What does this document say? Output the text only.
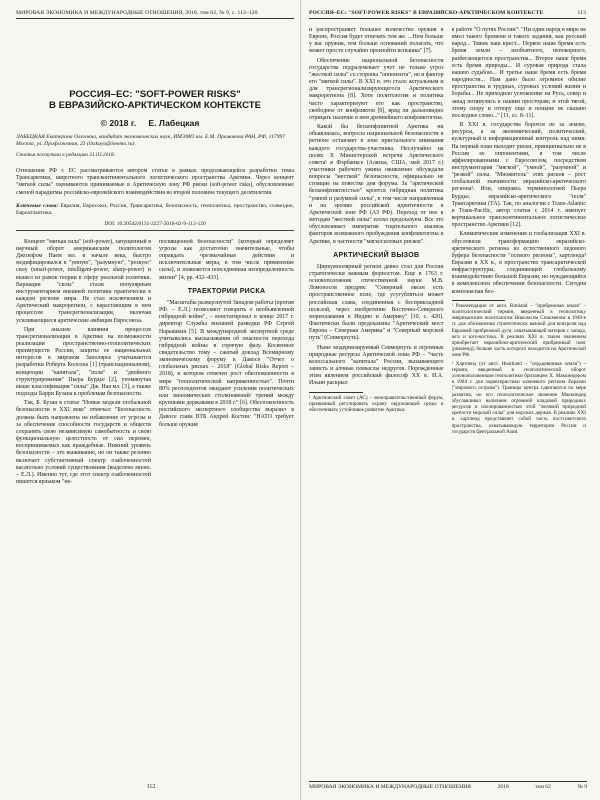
МИРОВАЯ ЭКОНОМИКА И МЕЖДУНАРОДНЫЕ ОТНОШЕНИЯ, 2018, том 62, № 9, с. 112–120
РОССИЯ–ЕС: "SOFT-POWER RISKS"
В ЕВРАЗИЙСКО-АРКТИЧЕСКОМ КОНТЕКСТЕ
© 2018 г. Е. Лабецкая
ЛАБЕЦКАЯ Екатерина Олеговна, кандидат экономических наук, ИМЭМО им. Е.М. Примакова РАН, РФ, 117997 Москва, ул. Профсоюзная, 23 (litskaya@imemo.ru).
Статья поступила в редакцию 21.03.2018.
Отношения РФ с ЕС рассматриваются автором статьи в рамках продолжающейся разработки темы Трансарктики, широтного трансконтинентального логистического пространства Арктики. Через концепт "мягкой силы" оцениваются принимаемые в Арктическую зону РФ риски (soft-power risks), обусловленные сменой парадигмы российско-европейского взаимодействия во второй половине текущего десятилетия.
Ключевые слова: Евразия, Евросоюз, Россия, Трансарктика, безопасность, геополитика, пространство, созвездие, Евроатлантика.
DOI: 10.20542/0131-2227-2018-62-9-112-120

Концепт "мягкая сила" (soft-power), запущенный в научный оборот американским политологом Джозефом Наем мл. в начале века, быстро модифицировался в "умную", "разумную", "резкую" силу (smart-power, intelligent-power, sharp-power) и вышел из рамок теории в сферу реальной политики. Вариации "силы" стали популярным инструментарием внешней политики практически в каждом регионе мира. Не стал исключением и Арктический макрорегион, с нарастающим в нем процессом трансрегионализации, включая усиливающиеся арктические амбиции Евросоюза.

При анализе влияния процессов трансрегионализации в Арктике на возможности реализации пространственно-геополитических преимуществ России, защиты ее национальных интересов в мировом Заполярье учитываются разработки Роберта Колсона [1] (транснационализм), концепции "капитала", "поля" и "двойного структурирования" Пьера Бурдье [2], упомянутая выше классификация "силы" Дж. Ная мл. [3], а также подходы Барри Бузана к проблемам безопасности.

Так, Б. Бузан в статье "Новые модели глобальной безопасности в XXI веке" отмечал: "Безопасность должна быть направлена на избавление от угрозы и за обеспечение способности государств и обществ сохранять свою независимую самобытность и свою функциональную целостность от сил перемен, воспринимаемых как враждебные. Нижний уровень безопасности – это выживание, но он также резонно включает субстантивный спектр озабоченностей касательно условий существования (выделено мною. – Е.Л.). Именно тут, где этот спектр озабоченностей пишется ярлыком "не-

посвященной безопасности" (который определяет угрозы как достаточно значительные, чтобы оправдать чрезвычайные действия и исключительные меры, в том числе применение силы), и появляется повседневная неопределенность жизни" [4, рр. 432–433].

ТРАЕКТОРИИ РИСКА

"Масштабы разверзнутой Западом работы (против РФ. – Е.Л.) позволяют говорить о необъявленной гибридной войне", – констатировал в конце 2017 г. директор Службы внешней разведки РФ Сергей Нарышкин [5]. В международной экспертной среде учитывались высказывания об опасности перехода гибридной войны в горячую фазу. Косвенное свидетельство тому – сжатый доклад Всемирному экономическому форуму в Давосе "Отчет о глобальных рисках – 2018" (Global Risks Report – 2018), в котором отмечен рост обеспокоенности в мире "геополитической напряженностью". Почти 80% респондентов ожидают усиления политических или экономических столкновений/ трений между крупными державами в 2018 г." [6]. Обеспокоенность российского экспертного сообщества выразил в Давосе глава ВТБ Андрей Костин: "НАТО требует больше оружия

112
РОССИЯ–ЕС: "SOFT-POWER RISKS" В ЕВРАЗИЙСКО-АРКТИЧЕСКОМ КОНТЕКСТЕ	113

и распространяет большее количество оружия в Европе, Россия будет отвечать тем же. ...Нем больше у вас оружия, тем больше оснований полагать, что может просто случайно произойти вспышка" [7].

Обеспечение национальной безопасности государства подразумевает учет не только угроз "жесткой силы" со стороны "оппонента", но и фактор его "мягкой силы". В XXI в. это стало актуальным и для трансрегионализирующегося Арктического макрорегиона [8]. Хотя политология и политика часто характеризуют его как пространство, свободное от конфликтов [9], вряд ли дальновидно отрицать наличие в нем древнейшего конфликтогена.

Какой бы бесконфликтной Арктика ни объявлялась, вопросы национальной безопасности в регионе оставляет в зоне пристального внимания каждого государства-участника. Неслучайно на полях X Министерской встречи Арктического совета¹ в Фэрбанксе (Аляска, США, май 2017 г.) участники рабочего ужина оживленно обсуждали вопросы "жесткой" безопасности, официально не стоящие на повестке дня форума. За "арктической бесконфликтностью" кроется гибридная политика "умной и разумной силы", в том числе направленная и на эрозию российской идентичности в Арктической зоне РФ (АЗ РФ). Переход от нее к методам "жесткой силы" плохо предсказуем. Все это обусловливает императив тщательного анализа факторов возможного пробуждения конфликтогена в Арктике, в частности "мягкосиловых рисков".

АРКТИЧЕСКИЙ ВЫЗОВ

Циркумполярный регион давно стал для России стратегически важным форпостом. Еще в 1763 г. основоположник отечественной науки М.В. Ломоносов предрек: "Северный океан есть пространственное поле, где усугубляться может российская слава, соединенная с бесприкладной пользой, через изобретение Восточно-Северного мореплавания в Индию и Америку" [10, с. 420]. Фактически были предсказаны "Арктический мост Европа – Северная Америка" и "Северный морской путь" (Севморпуть).

Ныне модернизируемый Севморпуть и огромные природные ресурсы Арктической зоны РФ – "часть колоссального "капитала" России, вызывающего зависть и алчные помыслы недругов. Порожденные этим явлением российский философ XX в. И.А. Ильин раскрыл

¹ Арктический совет (АС) – межправительственный форум, призванный регулировать охрану окружающей среды и обеспечивать устойчивое развитие Арктики.

в работе "О путях России": "Ни один народ в мире не имел такого бремени и такого задания, как русский народ... Тяжек наш крест... Первое наше бремя есть бремя земли – необъятного, непокорного, разбегающегося пространства... Второе наше бремя есть бремя природы... И суровая природа стала нашею судьбою... И третье наше бремя есть бремя народности... Нам дано было огромное обилие пространства и трудных, суровых условий жизни и борьбы... Не приходило успокоение на Русь, север и запад потянулись к нашим просторам; и этой тягой, этому спору и отпору еще и поныне не сказано последнее слово..." [11, сс. 8–11].

В XXI в. государства боротся не за землю, ресурсы, а за экономический, политический, культурный и информационный контроль над ними. На первый план выходит риски, принципиально не в России ее оппонентами, в том числе аффилированными с Евросоюзом, посредством инструментария "мягкой", "умной", "разумной" и "резкой" силы. "Множитель" этих рисков – рост глобальной значимости евразийско-арктического региона². Или, опираясь терминологией Пьера Бурдье, евразийско-арктического "поля" Трансарктики (ТА). Так, по аналогии с Trans-Atlantic и Trans-Pacific, автор статьи с 2014 г. именует вертикальное трансконтинентальное логистическое пространство Арктики [12].

Климатические изменения и глобализация XXI в. обусловили трансформацию евразийско-арктического региона из естественного ледового буфера безопасности "осевого региона", хартленда³ Евразии в XX в., в пространство трансарктической инфраструктуры, соединяющей глобальному взаимодействию большой Евразии, но нуждающийся в комплексном обеспечении безопасности. Сегодня комплексная без-

² Рекомендации от англ. Rimland – "прибрежная земля" – политологический термин, введенный в геополитику американским политологом Николасом Спикменом в 1940-е гг. для обозначения стратегически важной для контроля над Евразией прибрежной дуги, охватывающей материк с запада, юга и юго-востока. В реалиях XXI в. таким значением приобретает евразийско-арктический прибрежный пояс (римленд), больше часть которого находится на Арктической зоне РФ.
³ Хартленд (от англ. Heartland – "сердцевинная земля") – термин, введенный в геополитический оборот основоположником геополитики британцем Х. Маккиндером в 1904 г. для характеристики ключевого региона Евразии ("мирового острова"). Границы центра сдвигаются по мере развития, но его геополитическое значение Маккиндер обуславливал наличием огромной кладовой природных ресурсов и изолированностью этой "великой природной крепости морской силы" для морских держав. В реалиях XXI в. хартленд представляет собой часть постсоветского пространства, охватывающую территории России и государств Центральной Азии.
МИРОВАЯ ЭКОНОМИКА И МЕЖДУНАРОДНЫЕ ОТНОШЕНИЯ	2018	том 62	№ 9
